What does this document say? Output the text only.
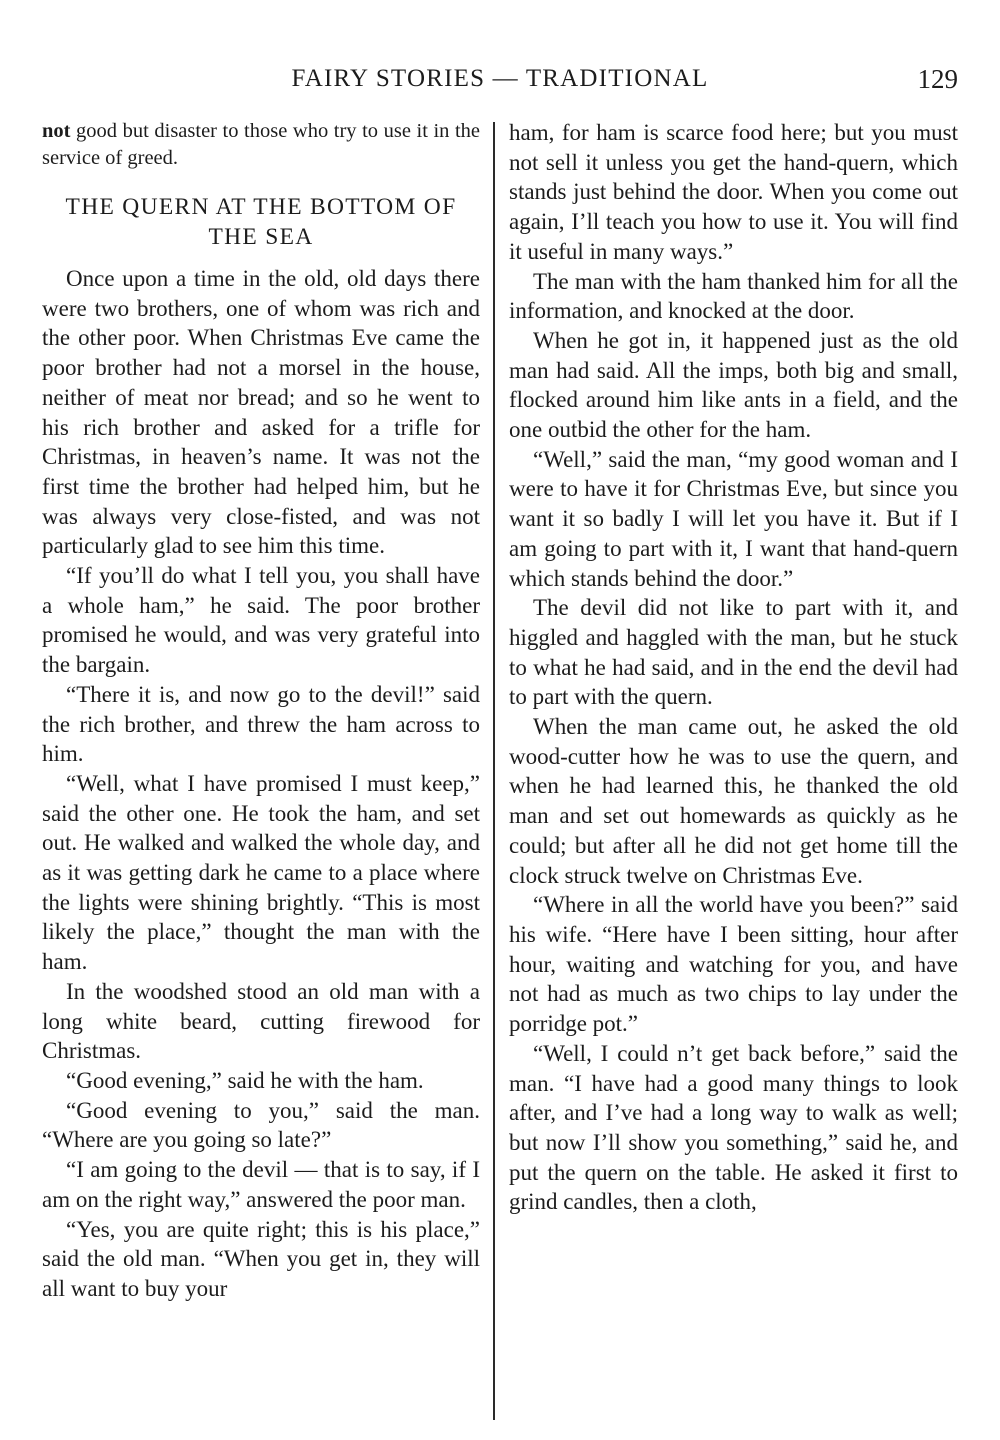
FAIRY STORIES — TRADITIONAL	129

not good but disaster to those who try to use it in the service of greed.

THE QUERN AT THE BOTTOM OF THE SEA

Once upon a time in the old, old days there were two brothers, one of whom was rich and the other poor. When Christmas Eve came the poor brother had not a morsel in the house, neither of meat nor bread; and so he went to his rich brother and asked for a trifle for Christmas, in heaven’s name. It was not the first time the brother had helped him, but he was always very close-fisted, and was not particularly glad to see him this time.

“If you’ll do what I tell you, you shall have a whole ham,” he said. The poor brother promised he would, and was very grateful into the bargain.

“There it is, and now go to the devil!” said the rich brother, and threw the ham across to him.

“Well, what I have promised I must keep,” said the other one. He took the ham, and set out. He walked and walked the whole day, and as it was getting dark he came to a place where the lights were shining brightly. “This is most likely the place,” thought the man with the ham.

In the woodshed stood an old man with a long white beard, cutting firewood for Christmas.

“Good evening,” said he with the ham.

“Good evening to you,” said the man. “Where are you going so late?”

“I am going to the devil — that is to say, if I am on the right way,” answered the poor man.

“Yes, you are quite right; this is his place,” said the old man. “When you get in, they will all want to buy your

ham, for ham is scarce food here; but you must not sell it unless you get the hand-quern, which stands just behind the door. When you come out again, I’ll teach you how to use it. You will find it useful in many ways.”

The man with the ham thanked him for all the information, and knocked at the door.

When he got in, it happened just as the old man had said. All the imps, both big and small, flocked around him like ants in a field, and the one outbid the other for the ham.

“Well,” said the man, “my good woman and I were to have it for Christmas Eve, but since you want it so badly I will let you have it. But if I am going to part with it, I want that hand-quern which stands behind the door.”

The devil did not like to part with it, and higgled and haggled with the man, but he stuck to what he had said, and in the end the devil had to part with the quern.

When the man came out, he asked the old wood-cutter how he was to use the quern, and when he had learned this, he thanked the old man and set out homewards as quickly as he could; but after all he did not get home till the clock struck twelve on Christmas Eve.

“Where in all the world have you been?” said his wife. “Here have I been sitting, hour after hour, waiting and watching for you, and have not had as much as two chips to lay under the porridge pot.”

“Well, I could n’t get back before,” said the man. “I have had a good many things to look after, and I’ve had a long way to walk as well; but now I’ll show you something,” said he, and put the quern on the table. He asked it first to grind candles, then a cloth,
